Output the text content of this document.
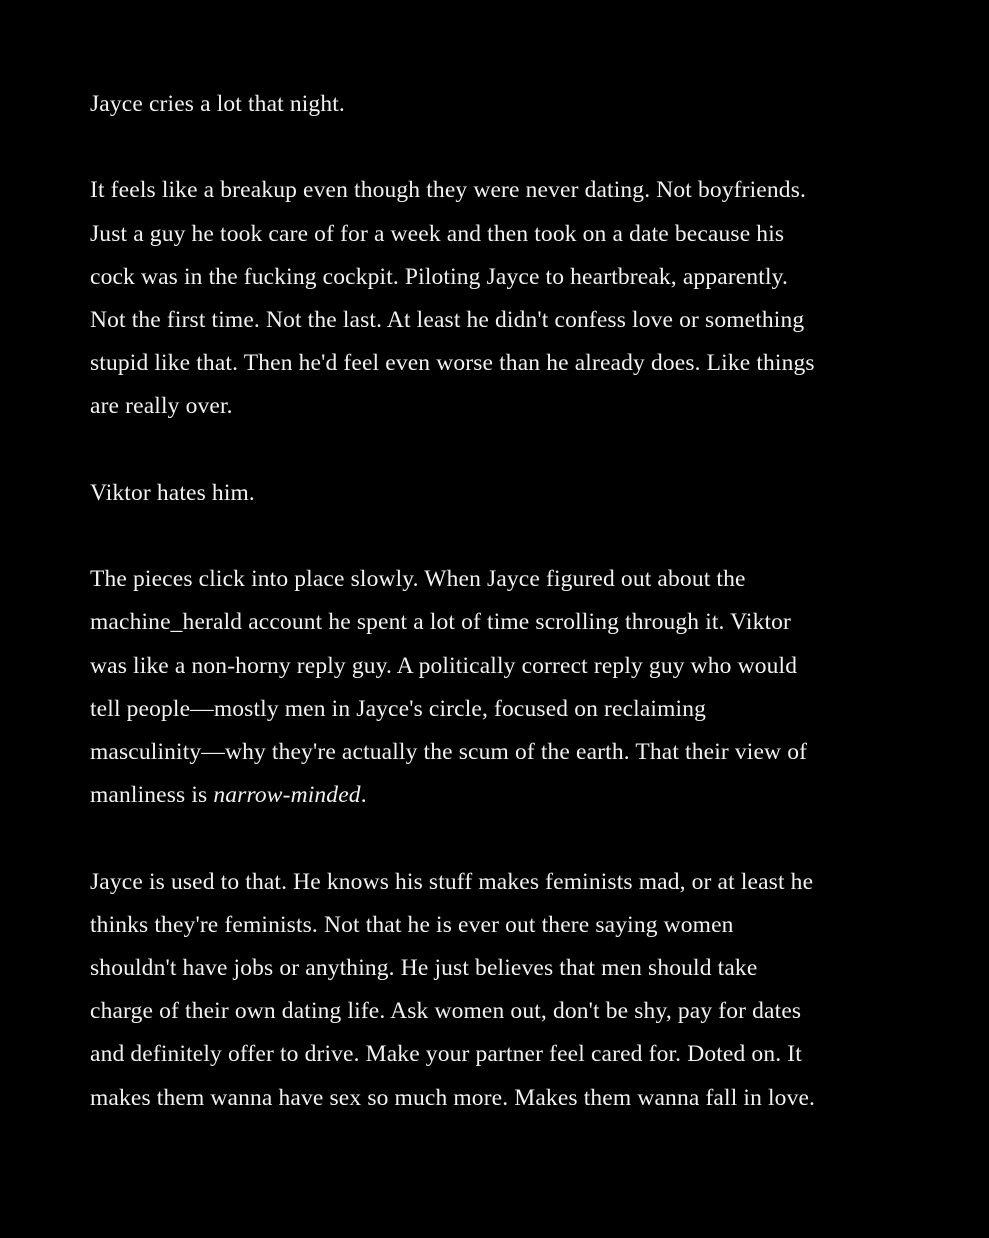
Jayce cries a lot that night.

It feels like a breakup even though they were never dating. Not boyfriends.
Just a guy he took care of for a week and then took on a date because his
cock was in the fucking cockpit. Piloting Jayce to heartbreak, apparently.
Not the first time. Not the last. At least he didn't confess love or something
stupid like that. Then he'd feel even worse than he already does. Like things
are really over.

Viktor hates him.

The pieces click into place slowly. When Jayce figured out about the
machine_herald account he spent a lot of time scrolling through it. Viktor
was like a non-horny reply guy. A politically correct reply guy who would
tell people—mostly men in Jayce's circle, focused on reclaiming
masculinity—why they're actually the scum of the earth. That their view of
manliness is narrow-minded.

Jayce is used to that. He knows his stuff makes feminists mad, or at least he
thinks they're feminists. Not that he is ever out there saying women
shouldn't have jobs or anything. He just believes that men should take
charge of their own dating life. Ask women out, don't be shy, pay for dates
and definitely offer to drive. Make your partner feel cared for. Doted on. It
makes them wanna have sex so much more. Makes them wanna fall in love.
